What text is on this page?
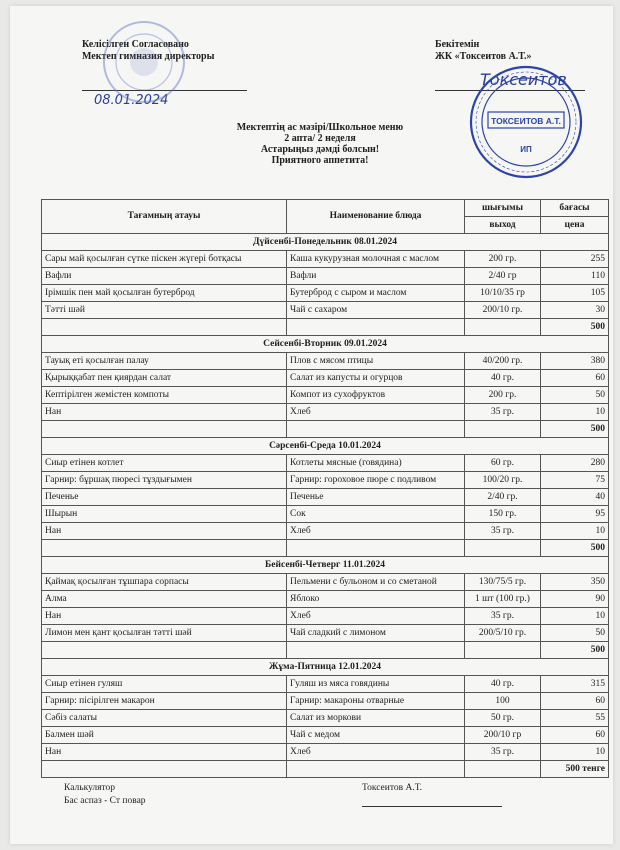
Келісілген Согласовано
Мектеп гимназия директоры
08.01.2024
Бекітемін
ЖК «Токсеитов А.Т.»
Токсеитов
ТОКСЕИТОВ А.Т.
ИП
Мектептің ас мәзірі/Школьное меню
2 апта/ 2 неделя
Астарыңыз дәмді болсын!
Приятного аппетита!
Тағамның атауы	Наименование блюда	шығымы	бағасы
		выход	цена
Дүйсенбі-Понедельник 08.01.2024			
Сары май қосылған сүтке піскен жүгері ботқасы	Каша кукурузная молочная с маслом	200 гр.	255
Вафли	Вафли	2/40 гр	110
Ірімшік пен май қосылған бутерброд	Бутерброд с сыром и маслом	10/10/35 гр	105
Тәтті шәй	Чай с сахаром	200/10 гр.	30
			500
Сейсенбі-Вторник 09.01.2024			
Тауық еті қосылған палау	Плов с мясом птицы	40/200 гр.	380
Қырыққабат пен қиярдан салат	Салат из капусты и огурцов	40 гр.	60
Кептірілген жемістен компоты	Компот из сухофруктов	200 гр.	50
Нан	Хлеб	35 гр.	10
			500
Сәрсенбі-Среда 10.01.2024			
Сиыр етінен котлет	Котлеты мясные (говядина)	60 гр.	280
Гарнир: бұршақ пюресі тұздығымен	Гарнир: гороховое пюре с подливом	100/20 гр.	75
Печенье	Печенье	2/40 гр.	40
Шырын	Сок	150 гр.	95
Нан	Хлеб	35 гр.	10
			500
Бейсенбі-Четверг 11.01.2024			
Қаймақ қосылған тұшпара сорпасы	Пельмени с бульоном и со сметаной	130/75/5 гр.	350
Алма	Яблоко	1 шт (100 гр.)	90
Нан	Хлеб	35 гр.	10
Лимон мен қант қосылған тәтті шәй	Чай сладкий с лимоном	200/5/10 гр.	50
			500
Жұма-Пятница 12.01.2024			
Сиыр етінен гуляш	Гуляш из мяса говядины	40 гр.	315
Гарнир: пісірілген макарон	Гарнир: макароны отварные	100	60
Сәбіз салаты	Салат из моркови	50 гр.	55
Балмен шәй	Чай с медом	200/10 гр	60
Нан	Хлеб	35 гр.	10
			500 тенге
Калькулятор
Бас аспаз - Ст повар
Токсеитов А.Т.
